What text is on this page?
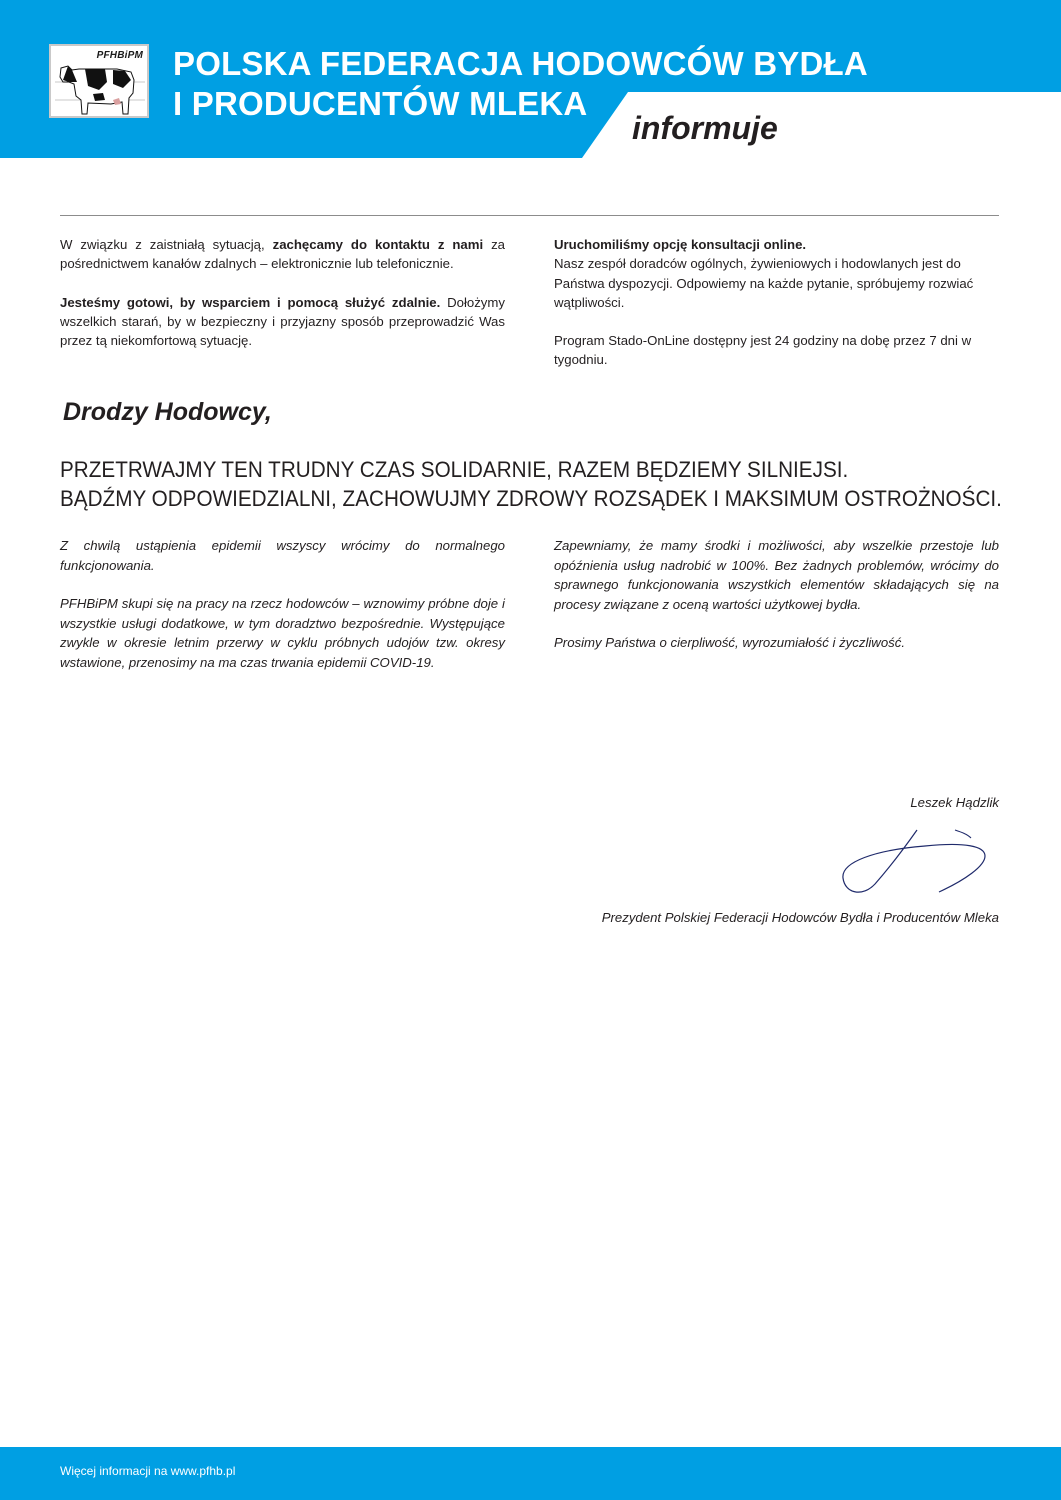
PFHBiPM POLSKA FEDERACJA HODOWCÓW BYDŁA
I PRODUCENTÓW MLEKA
informuje

W związku z zaistniałą sytuacją, zachęcamy do kontaktu z nami za pośrednictwem kanałów zdalnych – elektronicznie lub telefonicznie.

Jesteśmy gotowi, by wsparciem i pomocą służyć zdalnie. Dołożymy wszelkich starań, by w bezpieczny i przyjazny sposób przeprowadzić Was przez tą niekomfortową sytuację.

Uruchomiliśmy opcję konsultacji online.
Nasz zespół doradców ogólnych, żywieniowych i hodowlanych jest do Państwa dyspozycji. Odpowiemy na każde pytanie, spróbujemy rozwiać wątpliwości.

Program Stado-OnLine dostępny jest 24 godziny na dobę przez 7 dni w tygodniu.

Drodzy Hodowcy,
PRZETRWAJMY TEN TRUDNY CZAS SOLIDARNIE, RAZEM BĘDZIEMY SILNIEJSI.
BĄDŹMY ODPOWIEDZIALNI, ZACHOWUJMY ZDROWY ROZSĄDEK I MAKSIMUM OSTROŻNOŚCI.

Z chwilą ustąpienia epidemii wszyscy wrócimy do normalnego funkcjonowania.

PFHBiPM skupi się na pracy na rzecz hodowców – wznowimy próbne doje i wszystkie usługi dodatkowe, w tym doradztwo bezpośrednie. Występujące zwykle w okresie letnim przerwy w cyklu próbnych udojów tzw. okresy wstawione, przenosimy na ma czas trwania epidemii COVID-19.

Zapewniamy, że mamy środki i możliwości, aby wszelkie przestoje lub opóźnienia usług nadrobić w 100%. Bez żadnych problemów, wrócimy do sprawnego funkcjonowania wszystkich elementów składających się na procesy związane z oceną wartości użytkowej bydła.

Prosimy Państwa o cierpliwość, wyrozumiałość i życzliwość.

Leszek Hądzlik
Prezydent Polskiej Federacji Hodowców Bydła i Producentów Mleka
Więcej informacji na www.pfhb.pl
